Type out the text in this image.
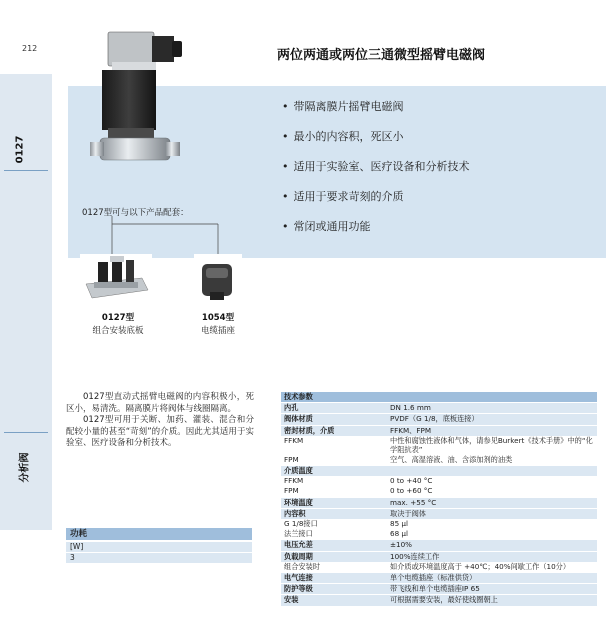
212
0127
分析阀
两位两通或两位三通微型摇臂电磁阀
• 带隔离膜片摇臂电磁阀
• 最小的内容积，死区小
• 适用于实验室、医疗设备和分析技术
• 适用于要求苛刻的介质
• 常闭或通用功能
0127型可与以下产品配套：
0127型
组合安装底板
1054型
电缆插座

0127型直动式摇臂电磁阀的内容积极小，死区小，易清洗。隔离膜片将阀体与线圈隔离。

0127型可用于关断、加药、灌装、混合和分配较小量的甚至“苛刻”的介质。因此尤其适用于实验室、医疗设备和分析技术。

功耗
[W]
3
技术参数	
内孔	DN 1.6 mm
阀体材质	PVDF（G 1/8，底板连接）
密封材质，介质	FFKM、FPM
FFKM	中性和腐蚀性液体和气体，请参见Burkert《技术手册》中的“化学阻抗表”
FPM	空气、高湿溶液、油、含添加剂的油类
介质温度	
FFKM	0 to +40 °C
FPM	0 to +60 °C
环境温度	max. +55 °C
内容积	取决于阀体
G 1/8接口	85 μl
法兰接口	68 μl
电压允差	±10%
负载周期	100%连续工作
组合安装时	如介质或环境温度高于 +40℃；40%间歇工作（10分）
电气连接	单个电缆插座（标准供货）
防护等级	带飞线和单个电缆插座IP 65
安装	可根据需要安装，最好使线圈朝上
